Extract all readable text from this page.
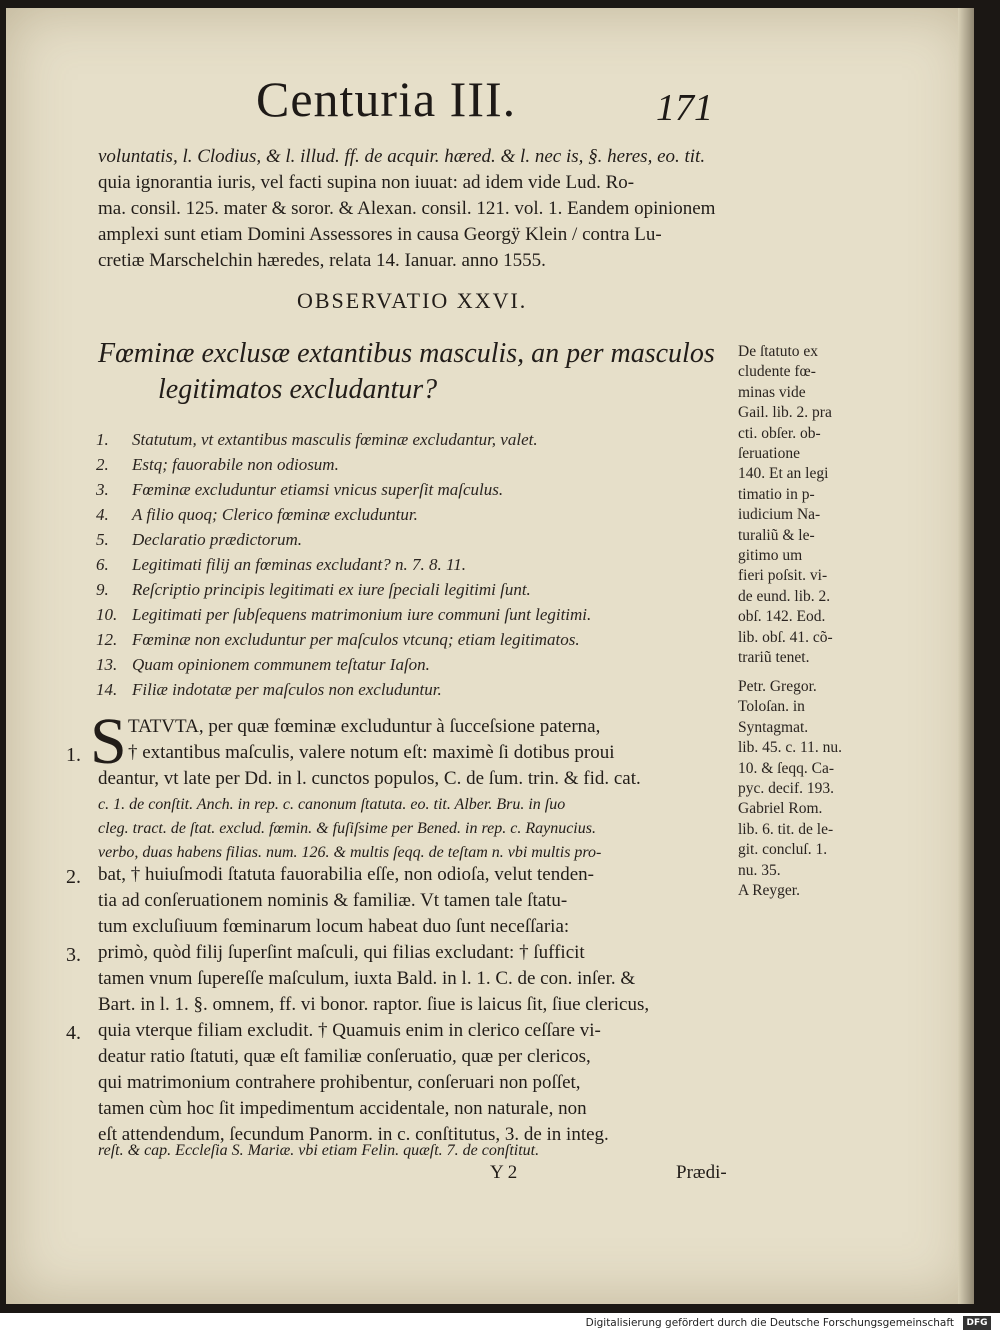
Centuria III.	171
voluntatis, l. Clodius, & l. illud. ff. de acquir. hæred. & l. nec is, §. heres, eo. tit.
quia ignorantia iuris, vel facti supina non iuuat: ad idem vide Lud. Ro-
ma. consil. 125. mater & soror. & Alexan. consil. 121. vol. 1. Eandem opinionem
amplexi sunt etiam Domini Assessores in causa Georgÿ Klein / contra Lu-
cretiæ Marschelchin hæredes, relata 14. Ianuar. anno 1555.
OBSERVATIO XXVI.
Fœminæ exclusæ extantibus masculis, an per masculos
legitimatos excludantur?
1.	Statutum, vt extantibus masculis fœminæ excludantur, valet.
2.	Estq; fauorabile non odiosum.
3.	Fœminæ excluduntur etiamsi vnicus superſit maſculus.
4.	A filio quoq; Clerico fœminæ excluduntur.
5.	Declaratio prædictorum.
6.	Legitimati filij an fœminas excludant? n. 7. 8. 11.
9.	Reſcriptio principis legitimati ex iure ſpeciali legitimi ſunt.
10. Legitimati per ſubſequens matrimonium iure communi ſunt legitimi.
12. Fœminæ non excluduntur per maſculos vtcunq; etiam legitimatos.
13. Quam opinionem communem teſtatur Iaſon.
14. Filiæ indotatæ per maſculos non excluduntur.
De ſtatuto ex
cludente fœ-
minas vide
Gail. lib. 2. pra
cti. obſer. ob-
ſeruatione
140. Et an legi
timatio in p-
iudicium Na-
turaliũ & le-
gitimo um
fieri poſsit. vi-
de eund. lib. 2.
obſ. 142. Eod.
lib. obſ. 41. cõ-
trariũ tenet.
Petr. Gregor.
Toloſan. in
Syntagmat.
lib. 45. c. 11. nu.
10. & ſeqq. Ca-
pyc. decif. 193.
Gabriel Rom.
lib. 6. tit. de le-
git. concluſ. 1.
nu. 35.
A Reyger.
S TATVTA, per quæ fœminæ excluduntur à ſucceſsione paterna,
† extantibus maſculis, valere notum eſt: maximè ſi dotibus proui
deantur, vt late per Dd. in l. cunctos populos, C. de ſum. trin. & fid. cat.
c. 1. de conſtit. Anch. in rep. c. canonum ſtatuta. eo. tit. Alber. Bru. in ſuo
cleg. tract. de ſtat. exclud. fœmin. & fuſiſsime per Bened. in rep. c. Raynucius.
verbo, duas habens filias. num. 126. & multis ſeqq. de teſtam n. vbi multis pro-
bat, † huiuſmodi ſtatuta fauorabilia eſſe, non odioſa, velut tenden-
tia ad conſeruationem nominis & familiæ. Vt tamen tale ſtatu-
tum excluſiuum fœminarum locum habeat duo ſunt neceſſaria:
primò, quòd filij ſuperſint maſculi, qui filias excludant: † ſufficit
tamen vnum ſupereſſe maſculum, iuxta Bald. in l. 1. C. de con. inſer. &
Bart. in l. 1. §. omnem, ff. vi bonor. raptor. ſiue is laicus ſit, ſiue clericus,
quia vterque filiam excludit. † Quamuis enim in clerico ceſſare vi-
deatur ratio ſtatuti, quæ eſt familiæ conſeruatio, quæ per clericos,
qui matrimonium contrahere prohibentur, conſeruari non poſſet,
tamen cùm hoc ſit impedimentum accidentale, non naturale, non
eſt attendendum, ſecundum Panorm. in c. conſtitutus, 3. de in integ.
reſt. & cap. Eccleſia S. Mariæ. vbi etiam Felin. quæſt. 7. de conſtitut.
1.
2.
3.
4.
Y 2	Prædi-
Digitalisierung gefördert durch die Deutsche Forschungsgemeinschaft	DFG
